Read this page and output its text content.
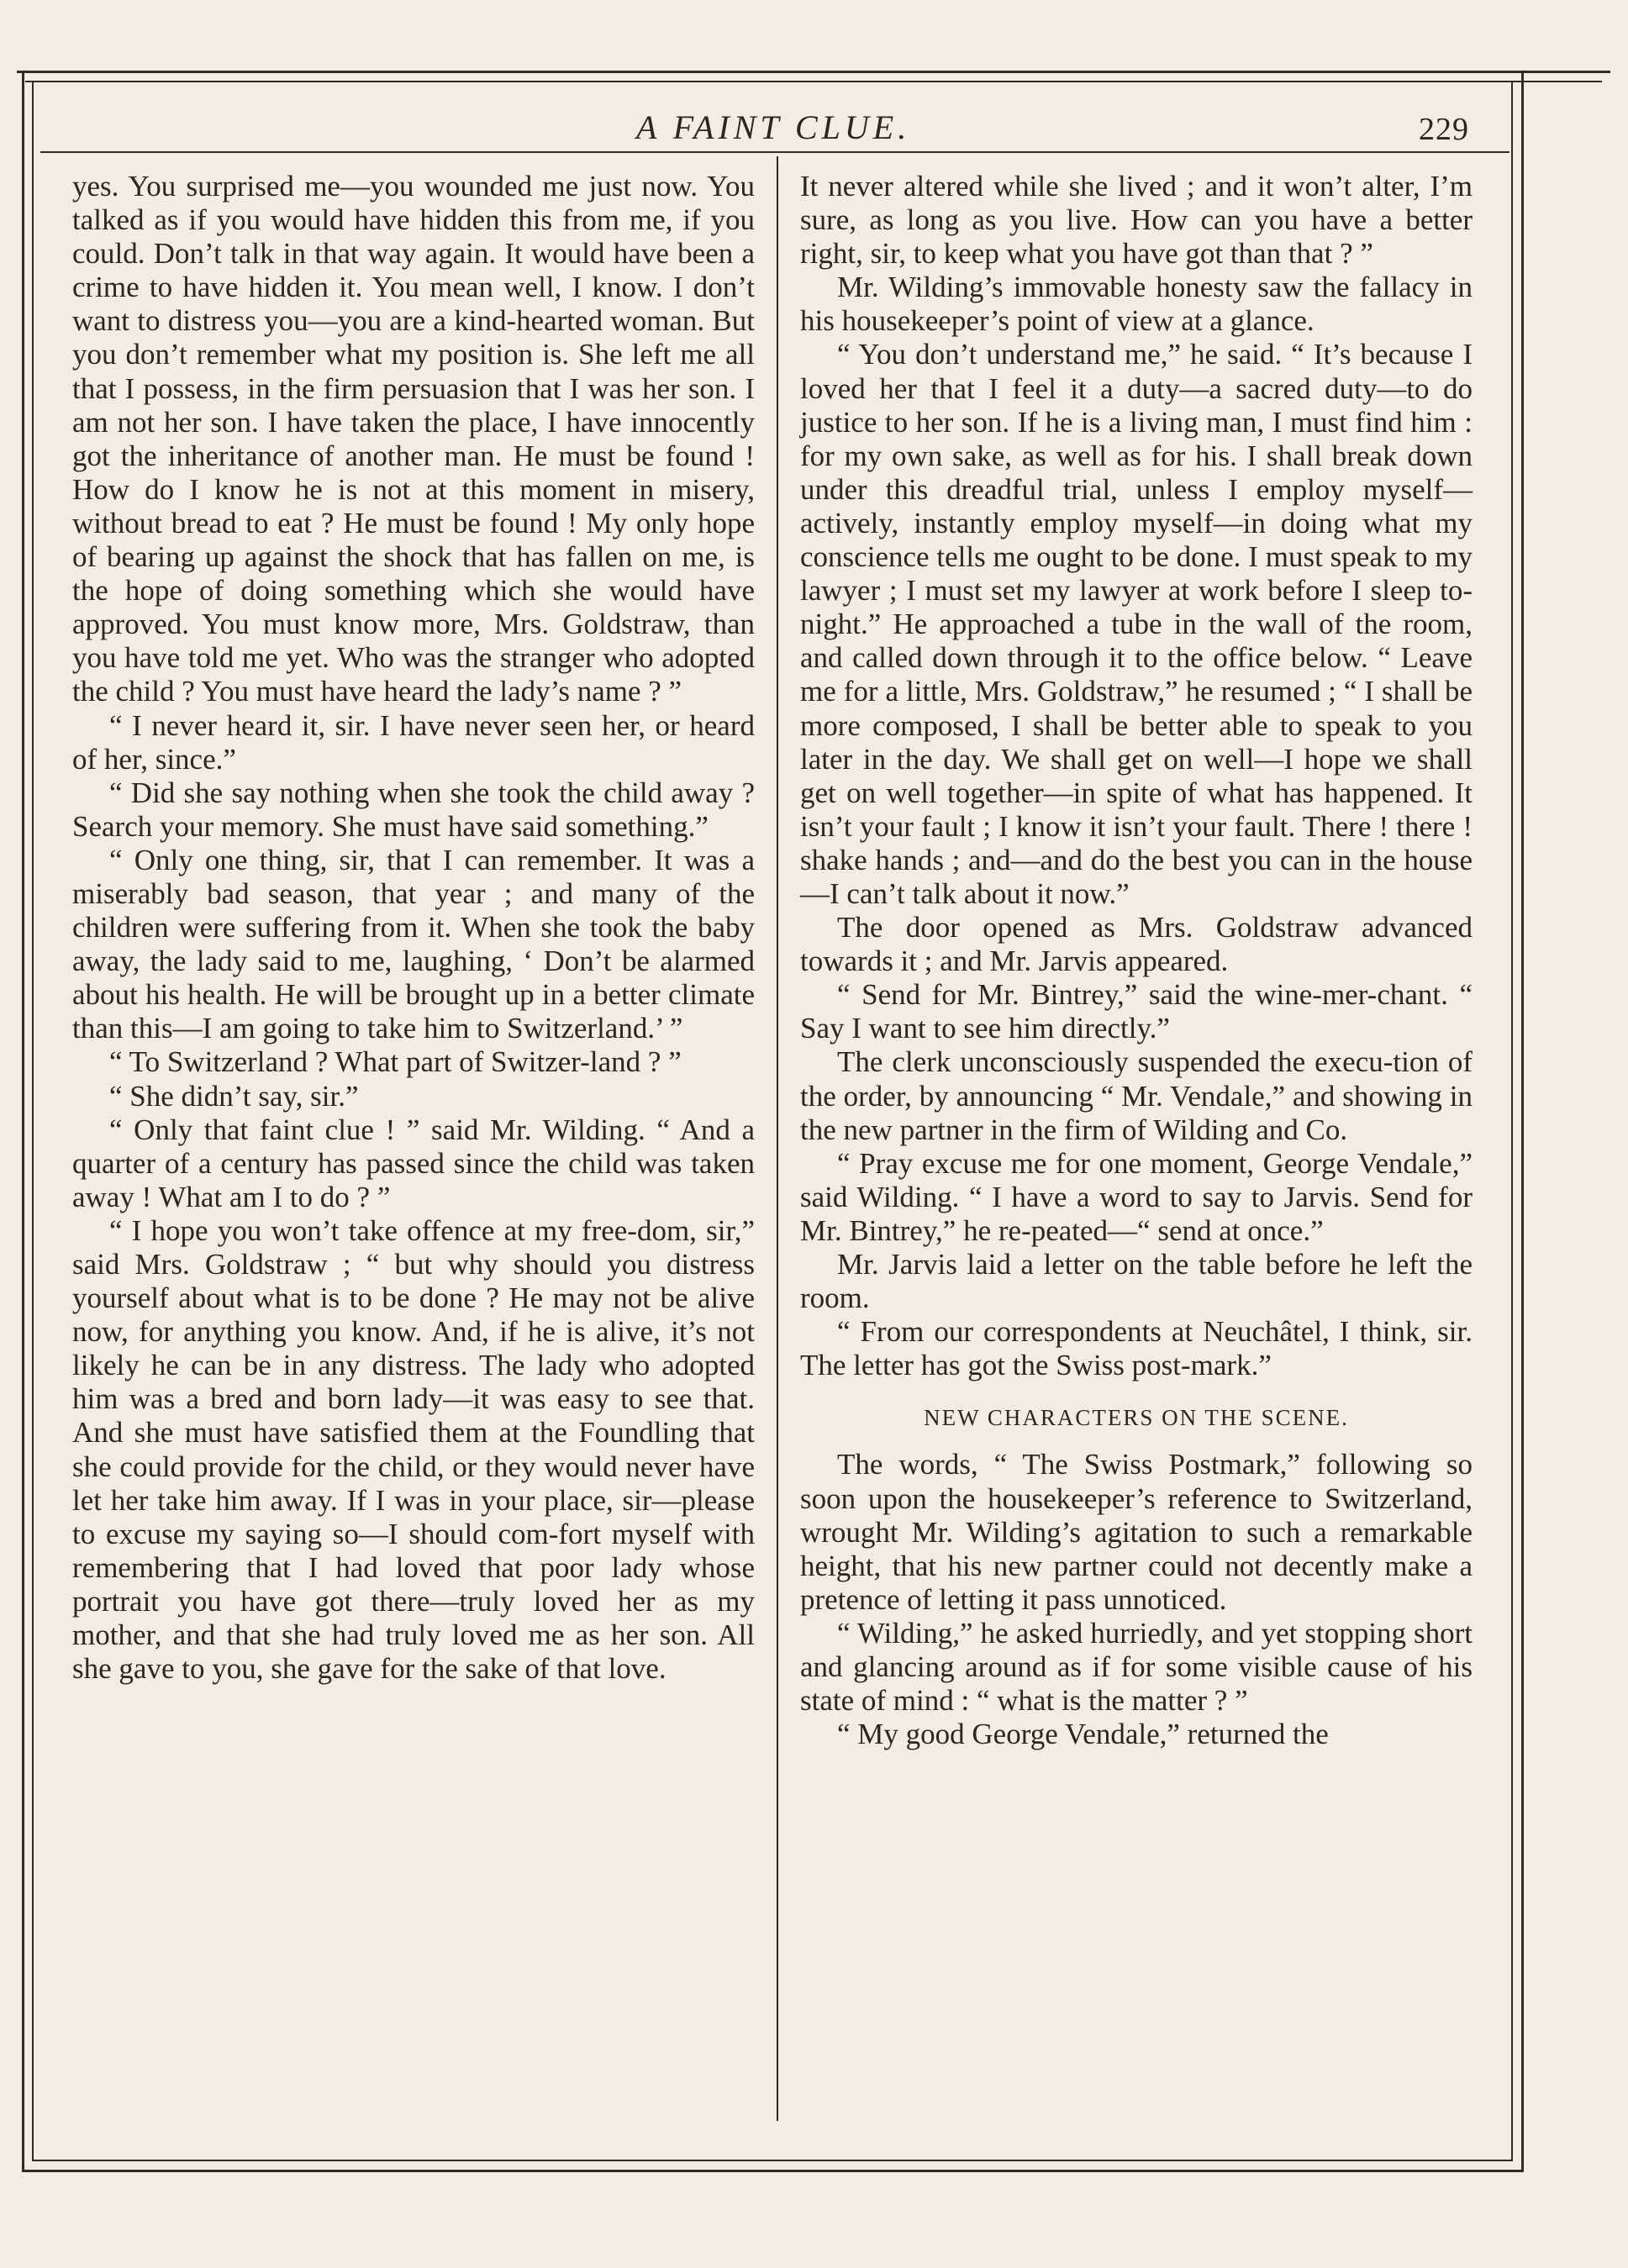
A FAINT CLUE.	229

yes. You surprised me—you wounded me just now. You talked as if you would have hidden this from me, if you could. Don’t talk in that way again. It would have been a crime to have hidden it. You mean well, I know. I don’t want to distress you—you are a kind-hearted woman. But you don’t remember what my position is. She left me all that I possess, in the firm persuasion that I was her son. I am not her son. I have taken the place, I have innocently got the inheritance of another man. He must be found ! How do I know he is not at this moment in misery, without bread to eat ? He must be found ! My only hope of bearing up against the shock that has fallen on me, is the hope of doing something which she would have approved. You must know more, Mrs. Goldstraw, than you have told me yet. Who was the stranger who adopted the child ? You must have heard the lady’s name ? ”

“ I never heard it, sir. I have never seen her, or heard of her, since.”

“ Did she say nothing when she took the child away ? Search your memory. She must have said something.”

“ Only one thing, sir, that I can remember. It was a miserably bad season, that year ; and many of the children were suffering from it. When she took the baby away, the lady said to me, laughing, ‘ Don’t be alarmed about his health. He will be brought up in a better climate than this—I am going to take him to Switzerland.’ ”

“ To Switzerland ? What part of Switzer-land ? ”

“ She didn’t say, sir.”

“ Only that faint clue ! ” said Mr. Wilding. “ And a quarter of a century has passed since the child was taken away ! What am I to do ? ”

“ I hope you won’t take offence at my free-dom, sir,” said Mrs. Goldstraw ; “ but why should you distress yourself about what is to be done ? He may not be alive now, for anything you know. And, if he is alive, it’s not likely he can be in any distress. The lady who adopted him was a bred and born lady—it was easy to see that. And she must have satisfied them at the Foundling that she could provide for the child, or they would never have let her take him away. If I was in your place, sir—please to excuse my saying so—I should com-fort myself with remembering that I had loved that poor lady whose portrait you have got there—truly loved her as my mother, and that she had truly loved me as her son. All she gave to you, she gave for the sake of that love.

It never altered while she lived ; and it won’t alter, I’m sure, as long as you live. How can you have a better right, sir, to keep what you have got than that ? ”

Mr. Wilding’s immovable honesty saw the fallacy in his housekeeper’s point of view at a glance.

“ You don’t understand me,” he said. “ It’s because I loved her that I feel it a duty—a sacred duty—to do justice to her son. If he is a living man, I must find him : for my own sake, as well as for his. I shall break down under this dreadful trial, unless I employ myself—actively, instantly employ myself—in doing what my conscience tells me ought to be done. I must speak to my lawyer ; I must set my lawyer at work before I sleep to-night.” He approached a tube in the wall of the room, and called down through it to the office below. “ Leave me for a little, Mrs. Goldstraw,” he resumed ; “ I shall be more composed, I shall be better able to speak to you later in the day. We shall get on well—I hope we shall get on well together—in spite of what has happened. It isn’t your fault ; I know it isn’t your fault. There ! there ! shake hands ; and—and do the best you can in the house—I can’t talk about it now.”

The door opened as Mrs. Goldstraw advanced towards it ; and Mr. Jarvis appeared.

“ Send for Mr. Bintrey,” said the wine-mer-chant. “ Say I want to see him directly.”

The clerk unconsciously suspended the execu-tion of the order, by announcing “ Mr. Vendale,” and showing in the new partner in the firm of Wilding and Co.

“ Pray excuse me for one moment, George Vendale,” said Wilding. “ I have a word to say to Jarvis. Send for Mr. Bintrey,” he re-peated—“ send at once.”

Mr. Jarvis laid a letter on the table before he left the room.

“ From our correspondents at Neuchâtel, I think, sir. The letter has got the Swiss post-mark.”

NEW CHARACTERS ON THE SCENE.

The words, “ The Swiss Postmark,” following so soon upon the housekeeper’s reference to Switzerland, wrought Mr. Wilding’s agitation to such a remarkable height, that his new partner could not decently make a pretence of letting it pass unnoticed.

“ Wilding,” he asked hurriedly, and yet stopping short and glancing around as if for some visible cause of his state of mind : “ what is the matter ? ”

“ My good George Vendale,” returned the
